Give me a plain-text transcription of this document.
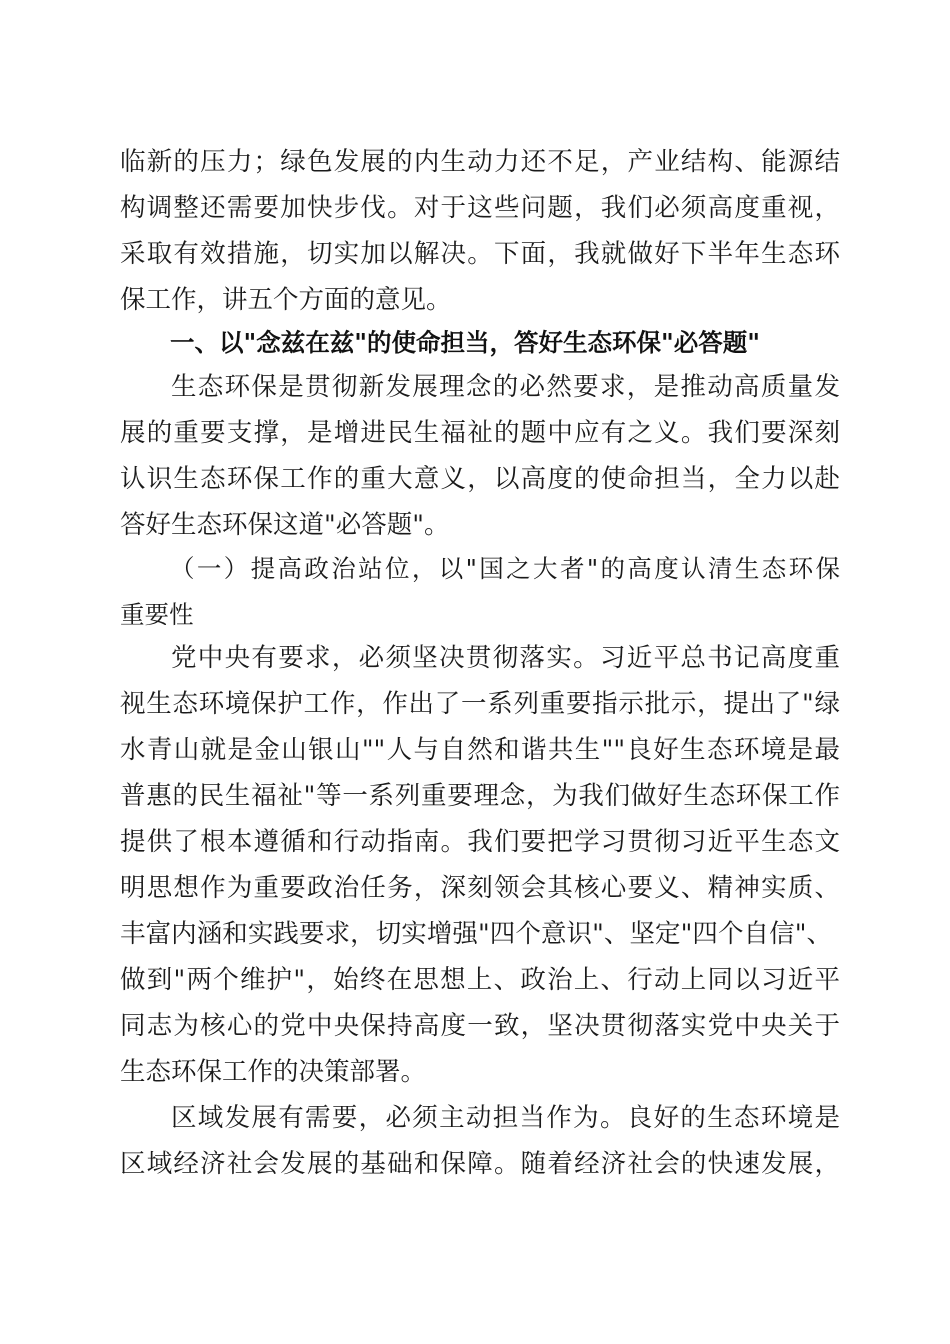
临新的压力；绿色发展的内生动力还不足，产业结构、能源结
构调整还需要加快步伐。对于这些问题，我们必须高度重视，
采取有效措施，切实加以解决。下面，我就做好下半年生态环
保工作，讲五个方面的意见。
一、以"念兹在兹"的使命担当，答好生态环保"必答题"
生态环保是贯彻新发展理念的必然要求，是推动高质量发
展的重要支撑，是增进民生福祉的题中应有之义。我们要深刻
认识生态环保工作的重大意义，以高度的使命担当，全力以赴
答好生态环保这道"必答题"。
（一）提高政治站位，以"国之大者"的高度认清生态环保
重要性
党中央有要求，必须坚决贯彻落实。习近平总书记高度重
视生态环境保护工作，作出了一系列重要指示批示，提出了"绿
水青山就是金山银山""人与自然和谐共生""良好生态环境是最
普惠的民生福祉"等一系列重要理念，为我们做好生态环保工作
提供了根本遵循和行动指南。我们要把学习贯彻习近平生态文
明思想作为重要政治任务，深刻领会其核心要义、精神实质、
丰富内涵和实践要求，切实增强"四个意识"、坚定"四个自信"、
做到"两个维护"，始终在思想上、政治上、行动上同以习近平
同志为核心的党中央保持高度一致，坚决贯彻落实党中央关于
生态环保工作的决策部署。
区域发展有需要，必须主动担当作为。良好的生态环境是
区域经济社会发展的基础和保障。随着经济社会的快速发展，
